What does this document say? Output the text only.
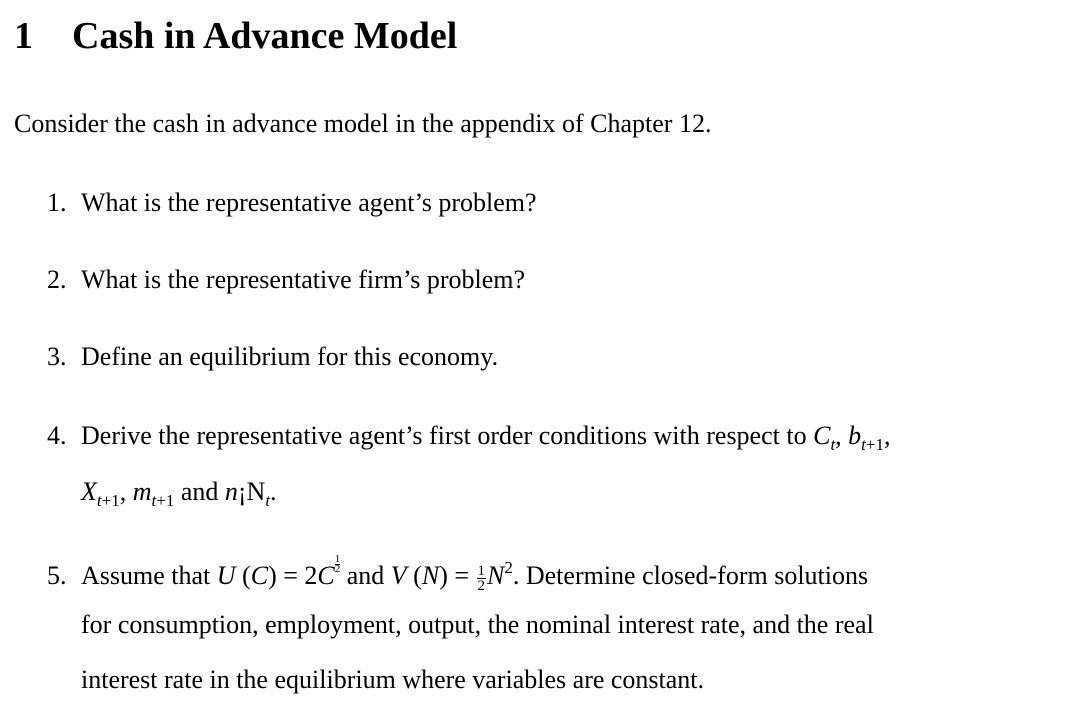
1 Cash in Advance Model
Consider the cash in advance model in the appendix of Chapter 12.
1. What is the representative agent’s problem?
2. What is the representative firm’s problem?
3. Define an equilibrium for this economy.
4. Derive the representative agent’s first order conditions with respect to $C_t$, $b_{t+1}$,
$X_{t+1}$, $m_{t+1}$ and $n¡N_t$.
5. Assume that U $(C) = 2C \frac{1}{2}$ and V $(N) = \frac{1}{2} N^2$. Determine closed-form solutions
for consumption, employment, output, the nominal interest rate, and the real
interest rate in the equilibrium where variables are constant.
